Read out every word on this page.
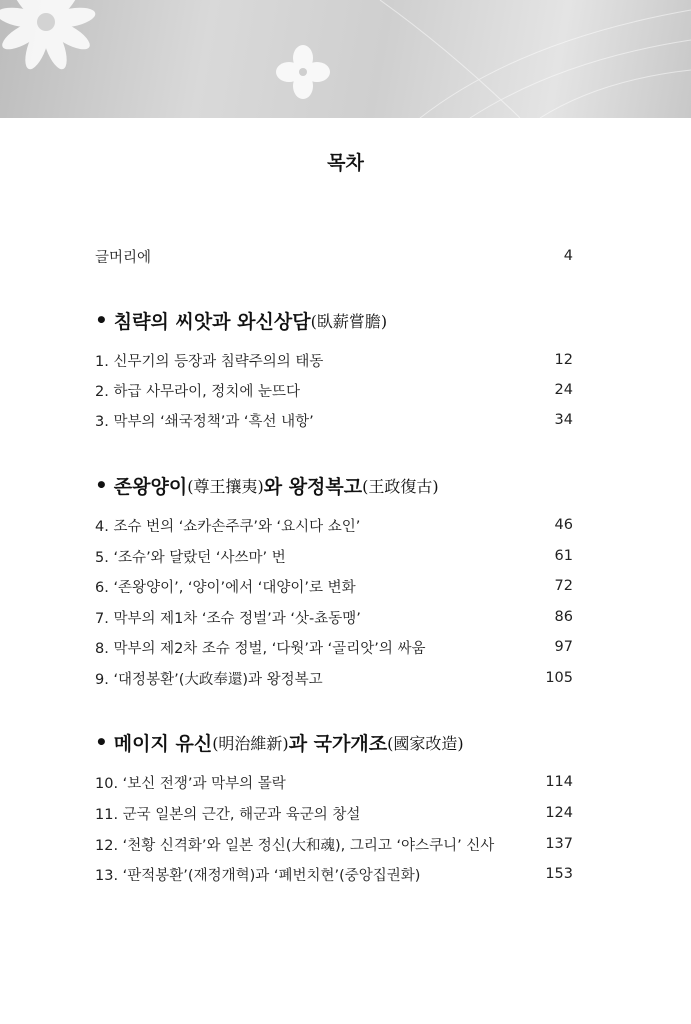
목차
글머리에	4
• 침략의 씨앗과 와신상담 (臥薪嘗膽)
1. 신무기의 등장과 침략주의의 태동	12
2. 하급 사무라이, 정치에 눈뜨다	24
3. 막부의 ‘쇄국정책’과 ‘흑선 내항’	34
• 존왕양이 (尊王攘夷) 와 왕정복고 (王政復古)
4. 조슈 번의 ‘쇼카손주쿠’와 ‘요시다 쇼인’	46
5. ‘조슈’와 달랐던 ‘사쓰마’ 번	61
6. ‘존왕양이’, ‘양이’에서 ‘대양이’로 변화	72
7. 막부의 제1차 ‘조슈 정벌’과 ‘삿-쵸동맹’	86
8. 막부의 제2차 조슈 정벌, ‘다웟’과 ‘골리앗’의 싸움	97
9. ‘대정봉환’(大政奉還)과 왕정복고	105
• 메이지 유신 (明治維新) 과 국가개조 (國家改造)
10. ‘보신 전쟁’과 막부의 몰락	114
11. 군국 일본의 근간, 해군과 육군의 창설	124
12. ‘천황 신격화’와 일본 정신(大和魂), 그리고 ‘야스쿠니’ 신사	137
13. ‘판적봉환’(재정개혁)과 ‘폐번치현’(중앙집권화)	153
